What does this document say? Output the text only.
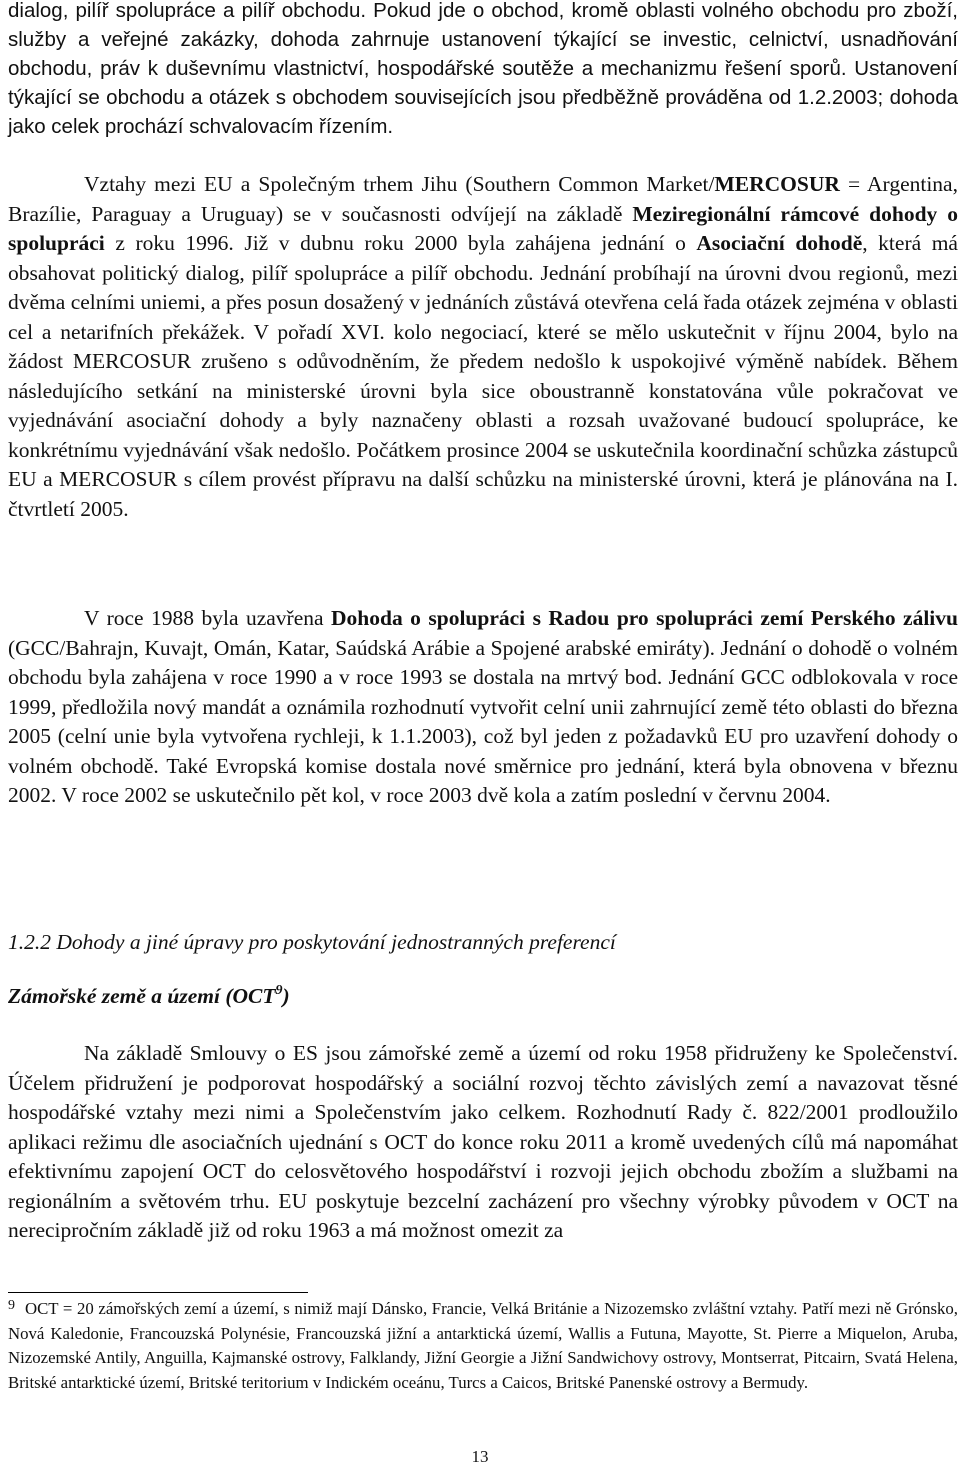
dialog, pilíř spolupráce a pilíř obchodu. Pokud jde o obchod, kromě oblasti volného obchodu pro zboží, služby a veřejné zakázky, dohoda zahrnuje ustanovení týkající se investic, celnictví, usnadňování obchodu, práv k duševnímu vlastnictví, hospodářské soutěže a mechanizmu řešení sporů. Ustanovení týkající se obchodu a otázek s obchodem souvisejících jsou předběžně prováděna od 1.2.2003; dohoda jako celek prochází schvalovacím řízením.

Vztahy mezi EU a Společným trhem Jihu (Southern Common Market/MERCOSUR = Argentina, Brazílie, Paraguay a Uruguay) se v současnosti odvíjejí na základě Meziregionální rámcové dohody o spolupráci z roku 1996. Již v dubnu roku 2000 byla zahájena jednání o Asociační dohodě, která má obsahovat politický dialog, pilíř spolupráce a pilíř obchodu. Jednání probíhají na úrovni dvou regionů, mezi dvěma celními uniemi, a přes posun dosažený v jednáních zůstává otevřena celá řada otázek zejména v oblasti cel a netarifních překážek. V pořadí XVI. kolo negociací, které se mělo uskutečnit v říjnu 2004, bylo na žádost MERCOSUR zrušeno s odůvodněním, že předem nedošlo k uspokojivé výměně nabídek. Během následujícího setkání na ministerské úrovni byla sice oboustranně konstatována vůle pokračovat ve vyjednávání asociační dohody a byly naznačeny oblasti a rozsah uvažované budoucí spolupráce, ke konkrétnímu vyjednávání však nedošlo. Počátkem prosince 2004 se uskutečnila koordinační schůzka zástupců EU a MERCOSUR s cílem provést přípravu na další schůzku na ministerské úrovni, která je plánována na I. čtvrtletí 2005.

V roce 1988 byla uzavřena Dohoda o spolupráci s Radou pro spolupráci zemí Perského zálivu (GCC/Bahrajn, Kuvajt, Omán, Katar, Saúdská Arábie a Spojené arabské emiráty). Jednání o dohodě o volném obchodu byla zahájena v roce 1990 a v roce 1993 se dostala na mrtvý bod. Jednání GCC odblokovala v roce 1999, předložila nový mandát a oznámila rozhodnutí vytvořit celní unii zahrnující země této oblasti do března 2005 (celní unie byla vytvořena rychleji, k 1.1.2003), což byl jeden z požadavků EU pro uzavření dohody o volném obchodě. Také Evropská komise dostala nové směrnice pro jednání, která byla obnovena v březnu 2002. V roce 2002 se uskutečnilo pět kol, v roce 2003 dvě kola a zatím poslední v červnu 2004.

1.2.2 Dohody a jiné úpravy pro poskytování jednostranných preferencí
Zámořské země a území (OCT$^9$)

Na základě Smlouvy o ES jsou zámořské země a území od roku 1958 přidruženy ke Společenství. Účelem přidružení je podporovat hospodářský a sociální rozvoj těchto závislých zemí a navazovat těsné hospodářské vztahy mezi nimi a Společenstvím jako celkem. Rozhodnutí Rady č. 822/2001 prodloužilo aplikaci režimu dle asociačních ujednání s OCT do konce roku 2011 a kromě uvedených cílů má napomáhat efektivnímu zapojení OCT do celosvětového hospodářství i rozvoji jejich obchodu zbožím a službami na regionálním a světovém trhu. EU poskytuje bezcelní zacházení pro všechny výrobky původem v OCT na nerecipročním základě již od roku 1963 a má možnost omezit za

$^9$ OCT = 20 zámořských zemí a území, s nimiž mají Dánsko, Francie, Velká Británie a Nizozemsko zvláštní vztahy. Patří mezi ně Grónsko, Nová Kaledonie, Francouzská Polynésie, Francouzská jižní a antarktická území, Wallis a Futuna, Mayotte, St. Pierre a Miquelon, Aruba, Nizozemské Antily, Anguilla, Kajmanské ostrovy, Falklandy, Jižní Georgie a Jižní Sandwichovy ostrovy, Montserrat, Pitcairn, Svatá Helena, Britské antarktické území, Britské teritorium v Indickém oceánu, Turcs a Caicos, Britské Panenské ostrovy a Bermudy.
13
